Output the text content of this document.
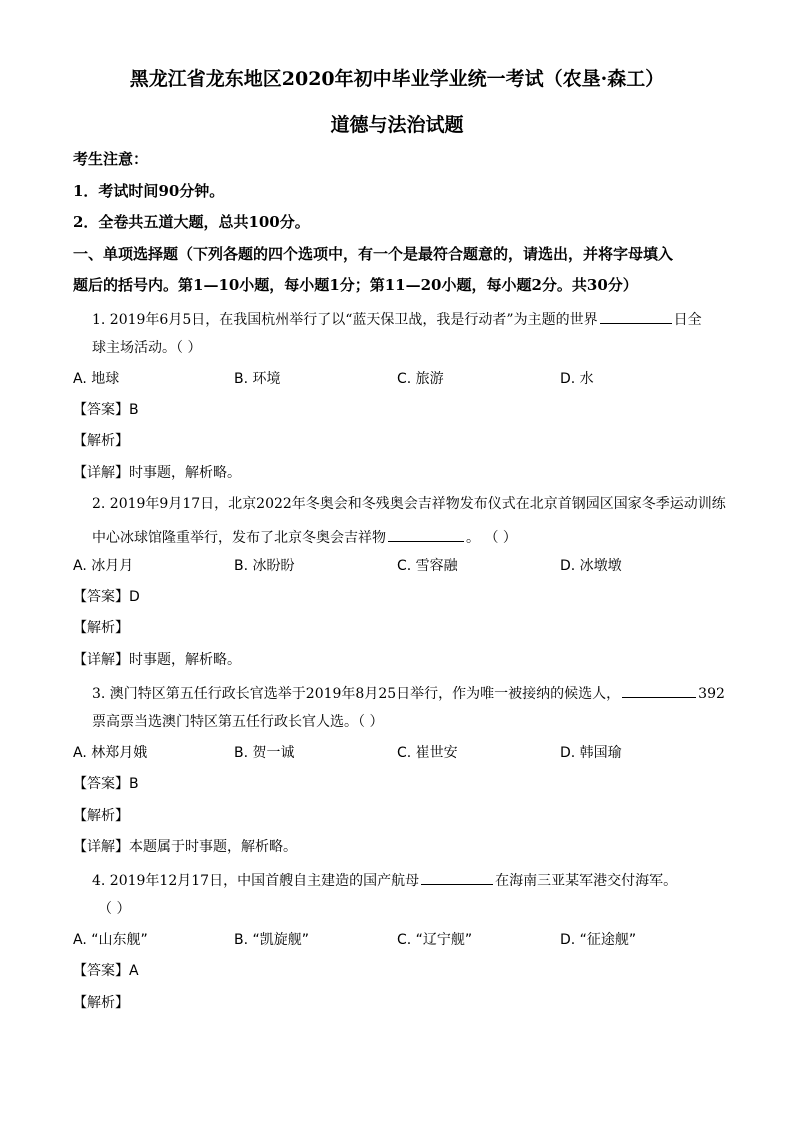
黑龙江省龙东地区2020年初中毕业学业统一考试（农垦·森工）
道德与法治试题
考生注意：
1．考试时间90分钟。
2．全卷共五道大题，总共100分。
一、单项选择题（下列各题的四个选项中，有一个是最符合题意的，请选出，并将字母填入
题后的括号内。第1—10小题，每小题1分；第11—20小题，每小题2分。共30分）
1. 2019年6月5日，在我国杭州举行了以“蓝天保卫战，我是行动者”为主题的世界	日全
球主场活动。（ ）
A. 地球	B. 环境	C. 旅游	D. 水
【答案】B
【解析】
【详解】时事题，解析略。
2. 2019年9月17日，北京2022年冬奥会和冬残奥会吉祥物发布仪式在北京首钢园区国家冬季运动训练
中心冰球馆隆重举行，发布了北京冬奥会吉祥物	。 （ ）
A. 冰月月	B. 冰盼盼	C. 雪容融	D. 冰墩墩
【答案】D
【解析】
【详解】时事题，解析略。
3. 澳门特区第五任行政长官选举于2019年8月25日举行，作为唯一被接纳的候选人，	392
票高票当选澳门特区第五任行政长官人选。（ ）
A. 林郑月娥	B. 贺一诚	C. 崔世安	D. 韩国瑜
【答案】B
【解析】
【详解】本题属于时事题，解析略。
4. 2019年12月17日，中国首艘自主建造的国产航母	在海南三亚某军港交付海军。
（ ）
A. “山东舰”	B. “凯旋舰”	C. “辽宁舰”	D. “征途舰”
【答案】A
【解析】
